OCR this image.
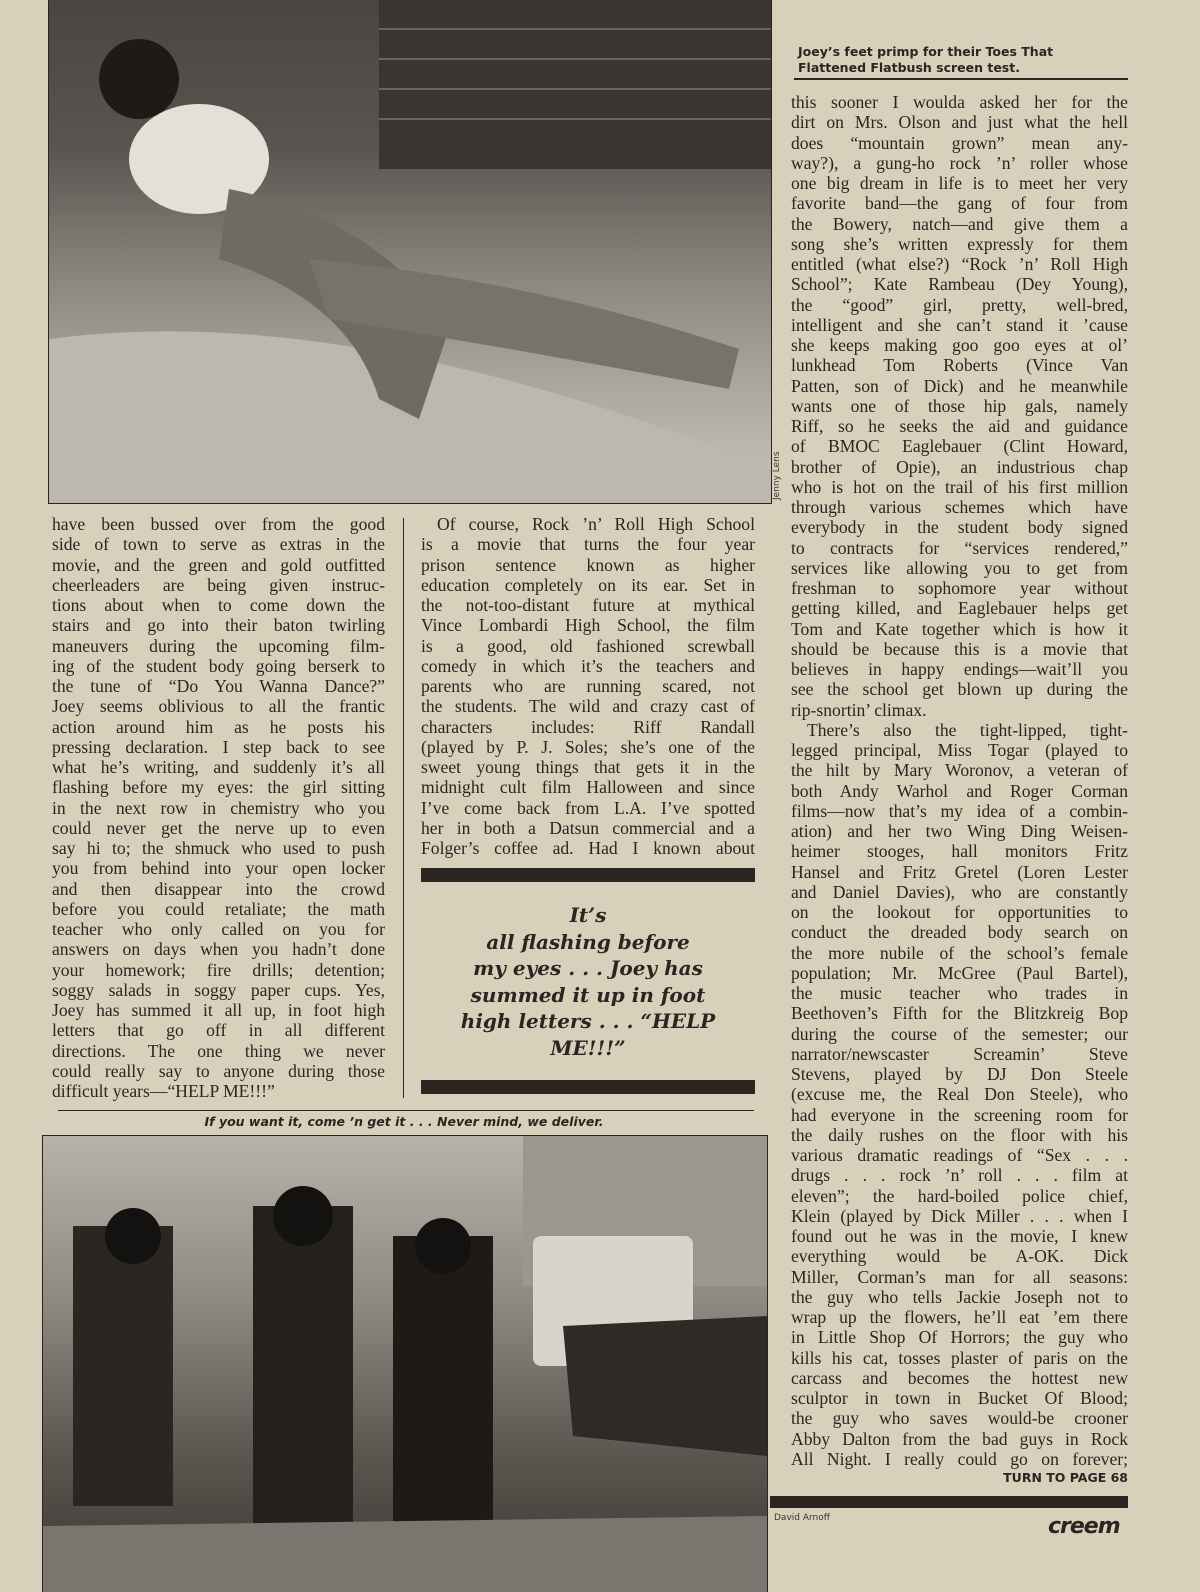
Jenny Lens
Joey’s feet primp for their Toes That
Flattened Flatbush screen test.
have been bussed over from the good
side of town to serve as extras in the
movie, and the green and gold outfitted
cheerleaders are being given instruc-
tions about when to come down the
stairs and go into their baton twirling
maneuvers during the upcoming film-
ing of the student body going berserk to
the tune of “Do You Wanna Dance?”
Joey seems oblivious to all the frantic
action around him as he posts his
pressing declaration. I step back to see
what he’s writing, and suddenly it’s all
flashing before my eyes: the girl sitting
in the next row in chemistry who you
could never get the nerve up to even
say hi to; the shmuck who used to push
you from behind into your open locker
and then disappear into the crowd
before you could retaliate; the math
teacher who only called on you for
answers on days when you hadn’t done
your homework; fire drills; detention;
soggy salads in soggy paper cups. Yes,
Joey has summed it all up, in foot high
letters that go off in all different
directions. The one thing we never
could really say to anyone during those
difficult years—“HELP ME!!!”
Of course, Rock ’n’ Roll High School
is a movie that turns the four year
prison sentence known as higher
education completely on its ear. Set in
the not-too-distant future at mythical
Vince Lombardi High School, the film
is a good, old fashioned screwball
comedy in which it’s the teachers and
parents who are running scared, not
the students. The wild and crazy cast of
characters includes: Riff Randall
(played by P. J. Soles; she’s one of the
sweet young things that gets it in the
midnight cult film Halloween and since
I’ve come back from L.A. I’ve spotted
her in both a Datsun commercial and a
Folger’s coffee ad. Had I known about
this sooner I woulda asked her for the
dirt on Mrs. Olson and just what the hell
does “mountain grown” mean any-
way?), a gung-ho rock ’n’ roller whose
one big dream in life is to meet her very
favorite band—the gang of four from
the Bowery, natch—and give them a
song she’s written expressly for them
entitled (what else?) “Rock ’n’ Roll High
School”; Kate Rambeau (Dey Young),
the “good” girl, pretty, well-bred,
intelligent and she can’t stand it ’cause
she keeps making goo goo eyes at ol’
lunkhead Tom Roberts (Vince Van
Patten, son of Dick) and he meanwhile
wants one of those hip gals, namely
Riff, so he seeks the aid and guidance
of BMOC Eaglebauer (Clint Howard,
brother of Opie), an industrious chap
who is hot on the trail of his first million
through various schemes which have
everybody in the student body signed
to contracts for “services rendered,”
services like allowing you to get from
freshman to sophomore year without
getting killed, and Eaglebauer helps get
Tom and Kate together which is how it
should be because this is a movie that
believes in happy endings—wait’ll you
see the school get blown up during the
rip-snortin’ climax.
There’s also the tight-lipped, tight-
legged principal, Miss Togar (played to
the hilt by Mary Woronov, a veteran of
both Andy Warhol and Roger Corman
films—now that’s my idea of a combin-
ation) and her two Wing Ding Weisen-
heimer stooges, hall monitors Fritz
Hansel and Fritz Gretel (Loren Lester
and Daniel Davies), who are constantly
on the lookout for opportunities to
conduct the dreaded body search on
the more nubile of the school’s female
population; Mr. McGree (Paul Bartel),
the music teacher who trades in
Beethoven’s Fifth for the Blitzkreig Bop
during the course of the semester; our
narrator/newscaster Screamin’ Steve
Stevens, played by DJ Don Steele
(excuse me, the Real Don Steele), who
had everyone in the screening room for
the daily rushes on the floor with his
various dramatic readings of “Sex . . .
drugs . . . rock ’n’ roll . . . film at
eleven”; the hard-boiled police chief,
Klein (played by Dick Miller . . . when I
found out he was in the movie, I knew
everything would be A-OK. Dick
Miller, Corman’s man for all seasons:
the guy who tells Jackie Joseph not to
wrap up the flowers, he’ll eat ’em there
in Little Shop Of Horrors; the guy who
kills his cat, tosses plaster of paris on the
carcass and becomes the hottest new
sculptor in town in Bucket Of Blood;
the guy who saves would-be crooner
Abby Dalton from the bad guys in Rock
All Night. I really could go on forever;
It’s
all flashing before
my eyes . . . Joey has
summed it up in foot
high letters . . . “HELP
ME!!!”
If you want it, come ’n get it . . . Never mind, we deliver.
TURN TO PAGE 68
David Arnoff	creem
